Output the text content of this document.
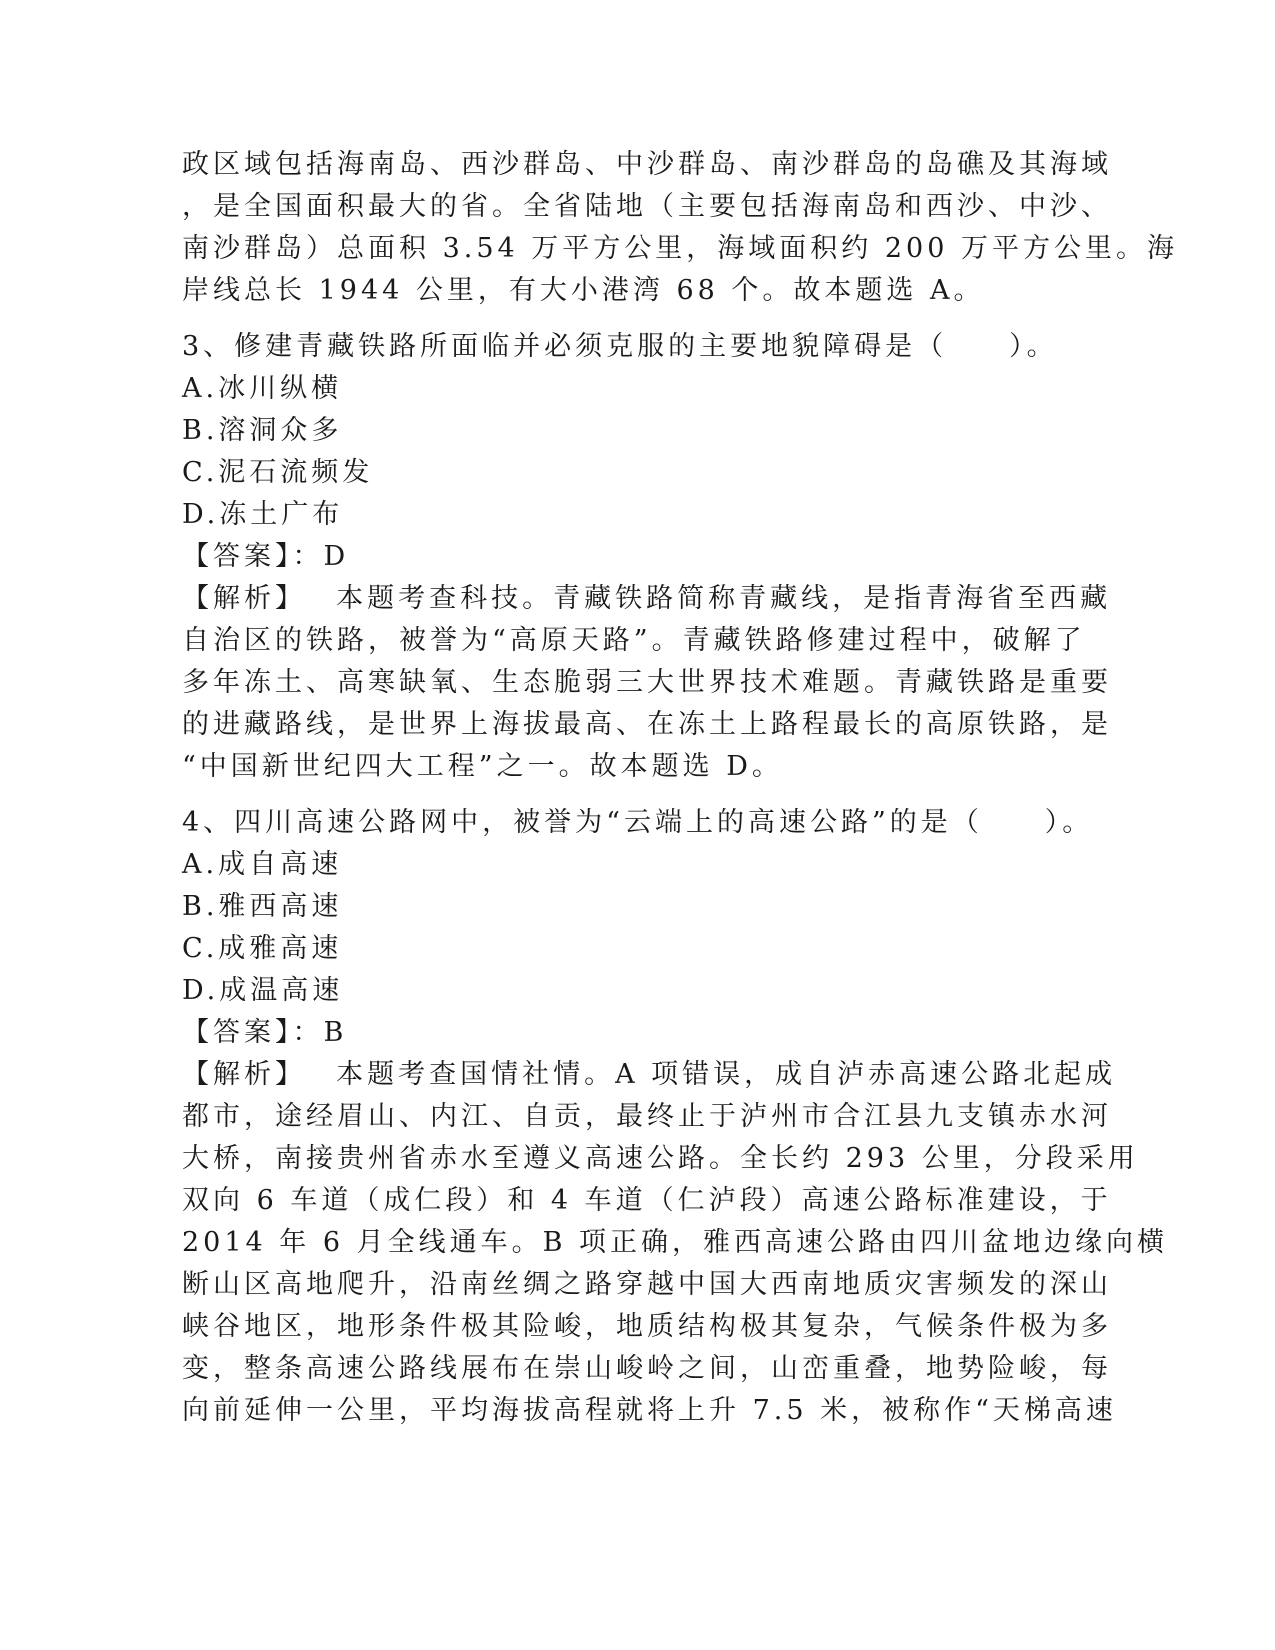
政区域包括海南岛、西沙群岛、中沙群岛、南沙群岛的岛礁及其海域
，是全国面积最大的省。全省陆地（主要包括海南岛和西沙、中沙、
南沙群岛）总面积 3.54 万平方公里，海域面积约 200 万平方公里。海
岸线总长 1944 公里，有大小港湾 68 个。故本题选 A。
3、修建青藏铁路所面临并必须克服的主要地貌障碍是（　　）。
A.冰川纵横
B.溶洞众多
C.泥石流频发
D.冻土广布
【答案】：D
【解析】　 本题考查科技。青藏铁路简称青藏线，是指青海省至西藏
自治区的铁路，被誉为“高原天路”。青藏铁路修建过程中，破解了
多年冻土、高寒缺氧、生态脆弱三大世界技术难题。青藏铁路是重要
的进藏路线，是世界上海拔最高、在冻土上路程最长的高原铁路，是
“中国新世纪四大工程”之一。故本题选 D。
4、四川高速公路网中，被誉为“云端上的高速公路”的是（　　）。
A.成自高速
B.雅西高速
C.成雅高速
D.成温高速
【答案】：B
【解析】　 本题考查国情社情。A 项错误，成自泸赤高速公路北起成
都市，途经眉山、内江、自贡，最终止于泸州市合江县九支镇赤水河
大桥，南接贵州省赤水至遵义高速公路。全长约 293 公里，分段采用
双向 6 车道（成仁段）和 4 车道（仁泸段）高速公路标准建设，于
2014 年 6 月全线通车。B 项正确，雅西高速公路由四川盆地边缘向横
断山区高地爬升，沿南丝绸之路穿越中国大西南地质灾害频发的深山
峡谷地区，地形条件极其险峻，地质结构极其复杂，气候条件极为多
变，整条高速公路线展布在崇山峻岭之间，山峦重叠，地势险峻，每
向前延伸一公里，平均海拔高程就将上升 7.5 米，被称作“天梯高速
